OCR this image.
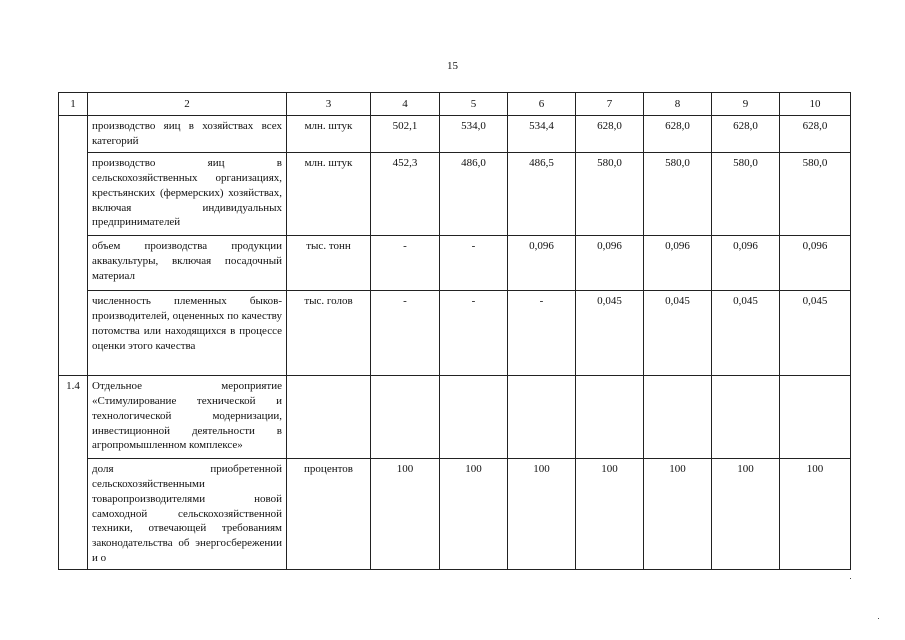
15
1	2	3	4	5	6	7	8	9	10
	производство яиц в хозяйствах всех категорий	млн. штук	502,1	534,0	534,4	628,0	628,0	628,0	628,0
	производство яиц в сельскохозяйственных организациях, крестьянских (фермерских) хозяйствах, включая индивидуальных предпринимателей	млн. штук	452,3	486,0	486,5	580,0	580,0	580,0	580,0
	объем производства продукции аквакультуры, включая посадочный материал	тыс. тонн	-	-	0,096	0,096	0,096	0,096	0,096
	численность племенных быков-производителей, оцененных по качеству потомства или находящихся в процессе оценки этого качества	тыс. голов	-	-	-	0,045	0,045	0,045	0,045
1.4	Отдельное мероприятие «Стимулирование технической и технологической модернизации, инвестиционной деятельности в агропромышленном комплексе»								
	доля приобретенной сельскохозяйственными товаропроизводителями новой самоходной сельскохозяйственной техники, отвечающей требованиям законодательства об энергосбережении и о	процентов	100	100	100	100	100	100	100
